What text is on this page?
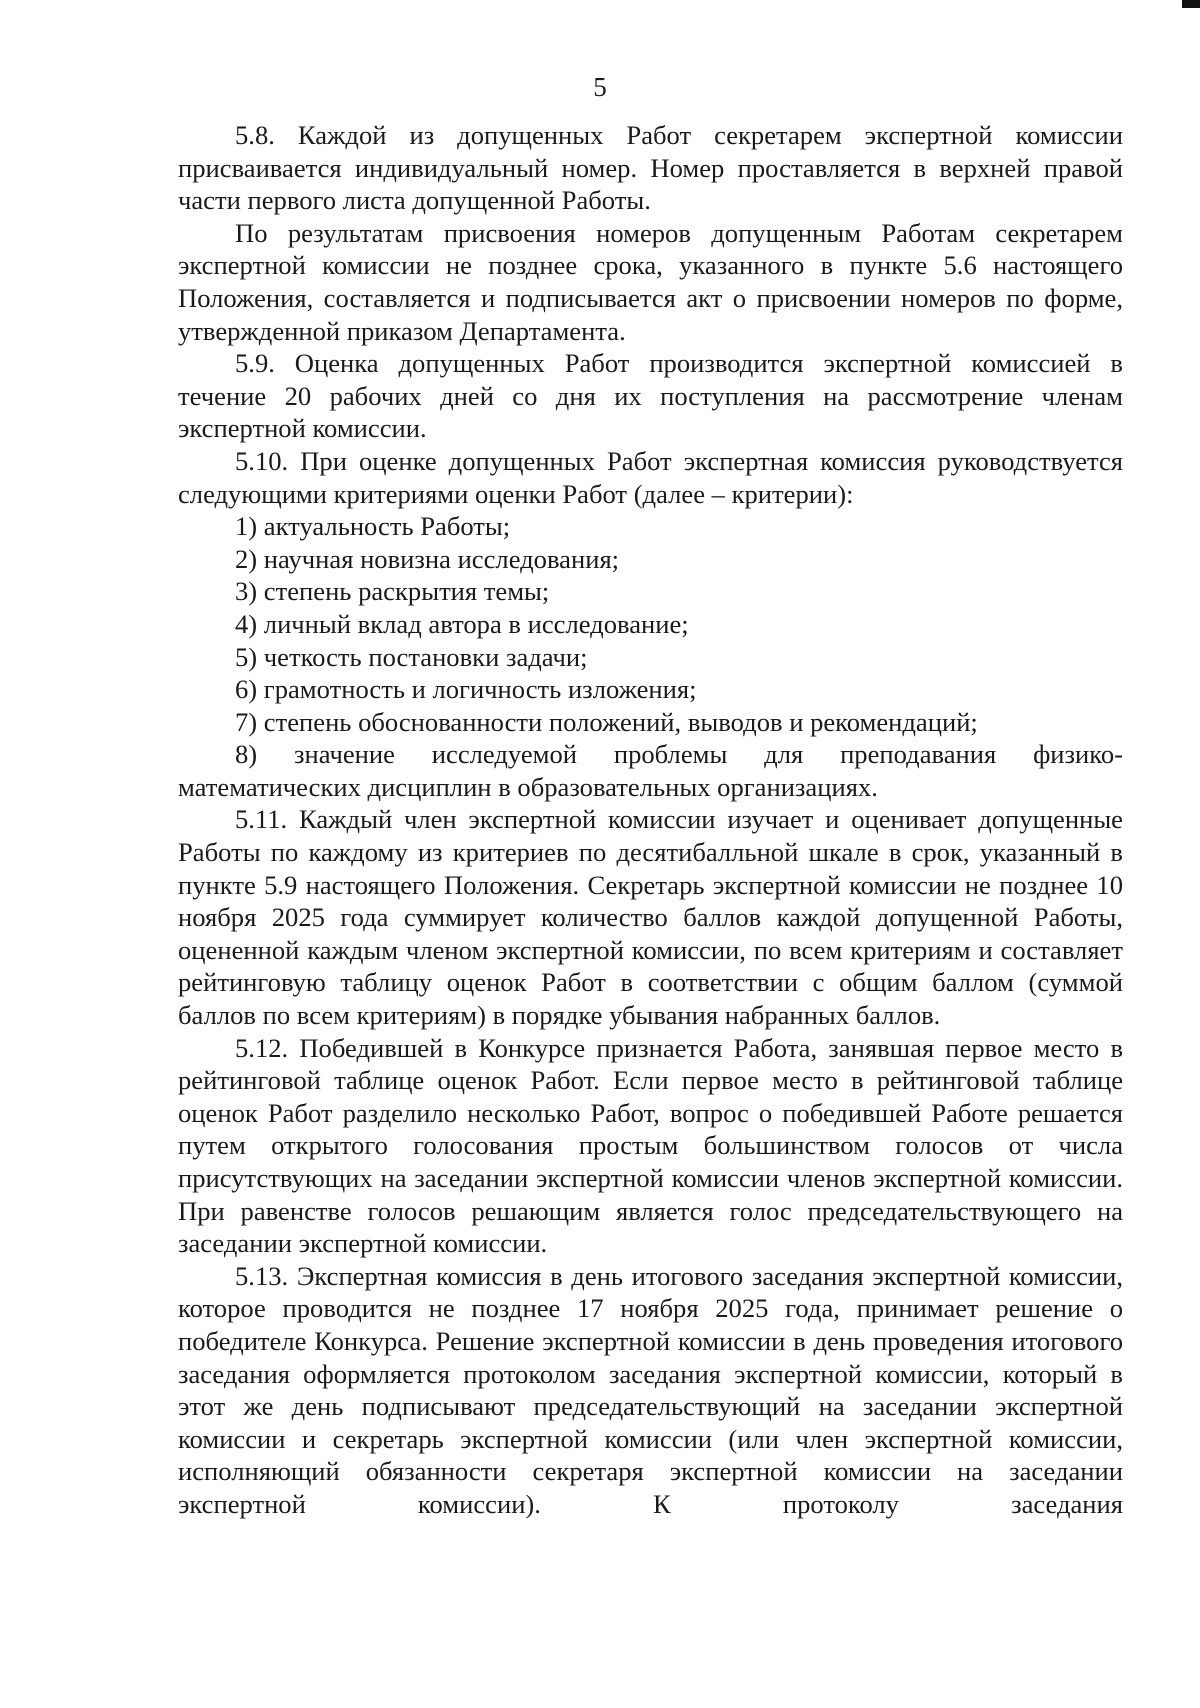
5

5.8. Каждой из допущенных Работ секретарем экспертной комиссии присваивается индивидуальный номер. Номер проставляется в верхней правой части первого листа допущенной Работы.

По результатам присвоения номеров допущенным Работам секретарем экспертной комиссии не позднее срока, указанного в пункте 5.6 настоящего Положения, составляется и подписывается акт о присвоении номеров по форме, утвержденной приказом Департамента.

5.9. Оценка допущенных Работ производится экспертной комиссией в течение 20 рабочих дней со дня их поступления на рассмотрение членам экспертной комиссии.

5.10. При оценке допущенных Работ экспертная комиссия руководствуется следующими критериями оценки Работ (далее – критерии):

1) актуальность Работы;

2) научная новизна исследования;

3) степень раскрытия темы;

4) личный вклад автора в исследование;

5) четкость постановки задачи;

6) грамотность и логичность изложения;

7) степень обоснованности положений, выводов и рекомендаций;

8) значение исследуемой проблемы для преподавания физико-математических дисциплин в образовательных организациях.

5.11. Каждый член экспертной комиссии изучает и оценивает допущенные Работы по каждому из критериев по десятибалльной шкале в срок, указанный в пункте 5.9 настоящего Положения. Секретарь экспертной комиссии не позднее 10 ноября 2025 года суммирует количество баллов каждой допущенной Работы, оцененной каждым членом экспертной комиссии, по всем критериям и составляет рейтинговую таблицу оценок Работ в соответствии с общим баллом (суммой баллов по всем критериям) в порядке убывания набранных баллов.

5.12. Победившей в Конкурсе признается Работа, занявшая первое место в рейтинговой таблице оценок Работ. Если первое место в рейтинговой таблице оценок Работ разделило несколько Работ, вопрос о победившей Работе решается путем открытого голосования простым большинством голосов от числа присутствующих на заседании экспертной комиссии членов экспертной комиссии. При равенстве голосов решающим является голос председательствующего на заседании экспертной комиссии.

5.13. Экспертная комиссия в день итогового заседания экспертной комиссии, которое проводится не позднее 17 ноября 2025 года, принимает решение о победителе Конкурса. Решение экспертной комиссии в день проведения итогового заседания оформляется протоколом заседания экспертной комиссии, который в этот же день подписывают председательствующий на заседании экспертной комиссии и секретарь экспертной комиссии (или член экспертной комиссии, исполняющий обязанности секретаря экспертной комиссии на заседании экспертной комиссии). К протоколу заседания
